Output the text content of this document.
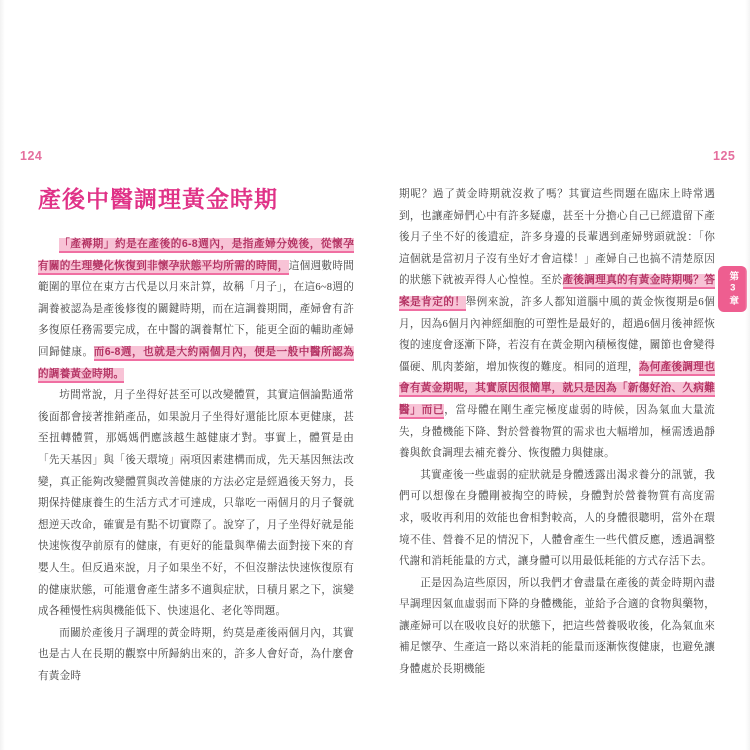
124
產後中醫調理黃金時期

「產褥期」約是在產後的6-8週內，是指產婦分娩後，從懷孕有關的生理變化恢復到非懷孕狀態平均所需的時間，這個週數時間範圍的單位在東方古代是以月來計算，故稱「月子」，在這6~8週的調養被認為是產後修復的關鍵時期，而在這調養期間，產婦會有許多復原任務需要完成，在中醫的調養幫忙下，能更全面的輔助產婦回歸健康。而6-8週，也就是大約兩個月內，便是一般中醫所認為的調養黃金時期。

坊間常說，月子坐得好甚至可以改變體質，其實這個論點通常後面都會接著推銷產品，如果說月子坐得好還能比原本更健康，甚至扭轉體質，那媽媽們應該越生越健康才對。事實上，體質是由「先天基因」與「後天環境」兩項因素建構而成，先天基因無法改變，真正能夠改變體質與改善健康的方法必定是經過後天努力，長期保持健康養生的生活方式才可達成，只靠吃一兩個月的月子餐就想逆天改命，確實是有點不切實際了。說穿了，月子坐得好就是能快速恢復孕前原有的健康，有更好的能量與準備去面對接下來的育嬰人生。但反過來說，月子如果坐不好，不但沒辦法快速恢復原有的健康狀態，可能還會產生諸多不適與症狀，日積月累之下，演變成各種慢性病與機能低下、快速退化、老化等問題。

而關於產後月子調理的黃金時期，約莫是產後兩個月內，其實也是古人在長期的觀察中所歸納出來的，許多人會好奇，為什麼會有黃金時

125

期呢？過了黃金時期就沒救了嗎？其實這些問題在臨床上時常遇到，也讓產婦們心中有許多疑慮，甚至十分擔心自己已經遺留下產後月子坐不好的後遺症，許多身邊的長輩遇到產婦劈頭就說：「你這個就是當初月子沒有坐好才會這樣！」產婦自己也搞不清楚原因的狀態下就被弄得人心惶惶。至於產後調理真的有黃金時期嗎？答案是肯定的！舉例來說，許多人都知道腦中風的黃金恢復期是6個月，因為6個月內神經細胞的可塑性是最好的，超過6個月後神經恢復的速度會逐漸下降，若沒有在黃金期內積極復健，關節也會變得僵硬、肌肉萎縮，增加恢復的難度。相同的道理，為何產後調理也會有黃金期呢，其實原因很簡單，就只是因為「新傷好治、久病難醫」而已，當母體在剛生產完極度虛弱的時候，因為氣血大量流失，身體機能下降、對於營養物質的需求也大幅增加，極需透過靜養與飲食調理去補充養分、恢復體力與健康。

其實產後一些虛弱的症狀就是身體透露出渴求養分的訊號，我們可以想像在身體剛被掏空的時候，身體對於營養物質有高度需求，吸收再利用的效能也會相對較高，人的身體很聰明，當外在環境不佳、營養不足的情況下，人體會產生一些代償反應，透過調整代謝和消耗能量的方式，讓身體可以用最低耗能的方式存活下去。

正是因為這些原因，所以我們才會盡量在產後的黃金時期內盡早調理因氣血虛弱而下降的身體機能，並給予合適的食物與藥物，讓產婦可以在吸收良好的狀態下，把這些營養吸收後，化為氣血來補足懷孕、生產這一路以來消耗的能量而逐漸恢復健康，也避免讓身體處於長期機能

第3章
